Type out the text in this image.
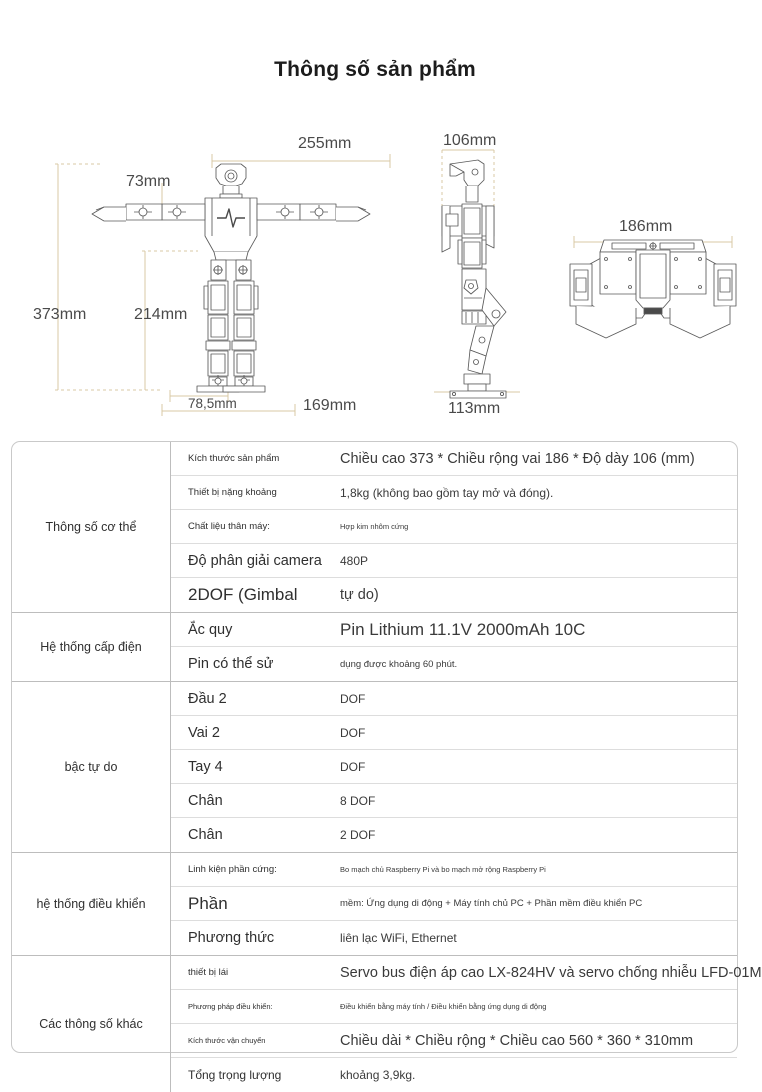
Thông số sản phẩm
255mm
73mm
373mm	214mm
78,5mm	169mm
106mm
113mm
186mm
Thông số cơ thể
Kích thước sản phẩm	Chiều cao 373 * Chiều rộng vai 186 * Độ dày 106 (mm)
Thiết bị nặng khoảng	1,8kg (không bao gồm tay mở và đóng).
Chất liệu thân máy:	Hợp kim nhôm cứng
Độ phân giải camera	480P
2DOF (Gimbal	tự do)
Hệ thống cấp điện
Ắc quy	Pin Lithium 11.1V 2000mAh 10C
Pin có thể sử	dụng được khoảng 60 phút.
bậc tự do
Đầu 2	DOF
Vai 2	DOF
Tay 4	DOF
Chân	8 DOF
Chân	2 DOF
hệ thống điều khiển
Linh kiện phần cứng:	Bo mạch chủ Raspberry Pi và bo mạch mở rộng Raspberry Pi
Phần	mềm: Ứng dụng di động + Máy tính chủ PC + Phần mềm điều khiển PC
Phương thức	liên lạc WiFi, Ethernet
Các thông số khác
thiết bị lái	Servo bus điện áp cao LX-824HV và servo chống nhiễu LFD-01M
Phương pháp điều khiển:	Điều khiển bằng máy tính / Điều khiển bằng ứng dụng di động
Kích thước vận chuyển	Chiều dài * Chiều rộng * Chiều cao 560 * 360 * 310mm
Tổng trọng lượng	khoảng 3,9kg.
